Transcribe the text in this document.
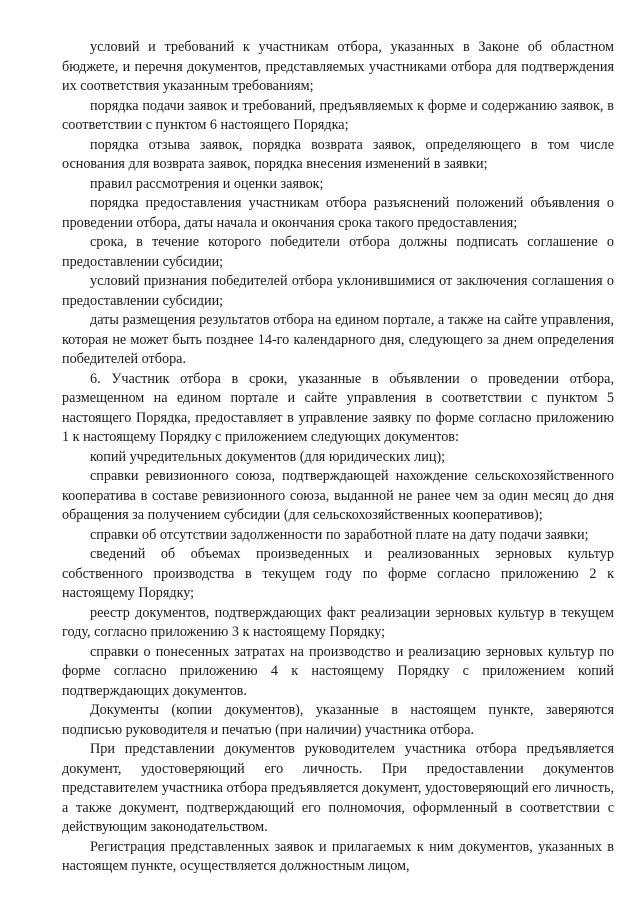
условий и требований к участникам отбора, указанных в Законе об областном бюджете, и перечня документов, представляемых участниками отбора для подтверждения их соответствия указанным требованиям;

порядка подачи заявок и требований, предъявляемых к форме и содержанию заявок, в соответствии с пунктом 6 настоящего Порядка;

порядка отзыва заявок, порядка возврата заявок, определяющего в том числе основания для возврата заявок, порядка внесения изменений в заявки;

правил рассмотрения и оценки заявок;

порядка предоставления участникам отбора разъяснений положений объявления о проведении отбора, даты начала и окончания срока такого предоставления;

срока, в течение которого победители отбора должны подписать соглашение о предоставлении субсидии;

условий признания победителей отбора уклонившимися от заключения соглашения о предоставлении субсидии;

даты размещения результатов отбора на едином портале, а также на сайте управления, которая не может быть позднее 14-го календарного дня, следующего за днем определения победителей отбора.

6. Участник отбора в сроки, указанные в объявлении о проведении отбора, размещенном на едином портале и сайте управления в соответствии с пунктом 5 настоящего Порядка, предоставляет в управление заявку по форме согласно приложению 1 к настоящему Порядку с приложением следующих документов:

копий учредительных документов (для юридических лиц);

справки ревизионного союза, подтверждающей нахождение сельскохозяйственного кооператива в составе ревизионного союза, выданной не ранее чем за один месяц до дня обращения за получением субсидии (для сельскохозяйственных кооперативов);

справки об отсутствии задолженности по заработной плате на дату подачи заявки;

сведений об объемах произведенных и реализованных зерновых культур собственного производства в текущем году по форме согласно приложению 2 к настоящему Порядку;

реестр документов, подтверждающих факт реализации зерновых культур в текущем году, согласно приложению 3 к настоящему Порядку;

справки о понесенных затратах на производство и реализацию зерновых культур по форме согласно приложению 4 к настоящему Порядку с приложением копий подтверждающих документов.

Документы (копии документов), указанные в настоящем пункте, заверяются подписью руководителя и печатью (при наличии) участника отбора.

При представлении документов руководителем участника отбора предъявляется документ, удостоверяющий его личность. При предоставлении документов представителем участника отбора предъявляется документ, удостоверяющий его личность, а также документ, подтверждающий его полномочия, оформленный в соответствии с действующим законодательством.

Регистрация представленных заявок и прилагаемых к ним документов, указанных в настоящем пункте, осуществляется должностным лицом,
